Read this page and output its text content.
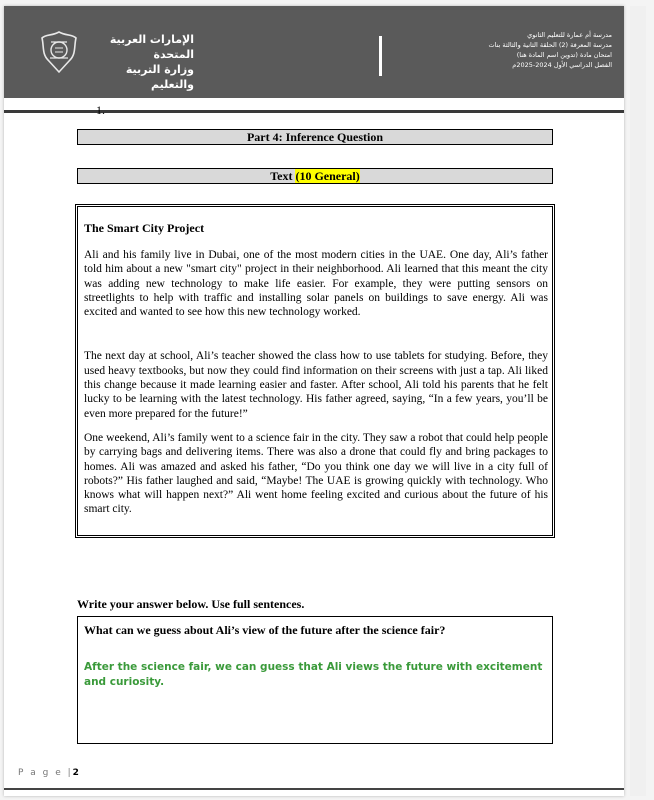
الإمارات العربية المتحدة
وزارة التربية والتعليم
مدرسة أم عمارة للتعليم الثانوي
مدرسة المعرفة (2) الحلقة الثانية والثالثة بنات
امتحان مادة (تدوين اسم المادة هنا)
الفصل الدراسي الأول 2024-2025م
1.
Part 4: Inference Question
Text (10 General)

The Smart City Project

Ali and his family live in Dubai, one of the most modern cities in the UAE. One day, Ali’s father told him about a new "smart city" project in their neighborhood. Ali learned that this meant the city was adding new technology to make life easier. For example, they were putting sensors on streetlights to help with traffic and installing solar panels on buildings to save energy. Ali was excited and wanted to see how this new technology worked.

The next day at school, Ali’s teacher showed the class how to use tablets for studying. Before, they used heavy textbooks, but now they could find information on their screens with just a tap. Ali liked this change because it made learning easier and faster. After school, Ali told his parents that he felt lucky to be learning with the latest technology. His father agreed, saying, “In a few years, you’ll be even more prepared for the future!”

One weekend, Ali’s family went to a science fair in the city. They saw a robot that could help people by carrying bags and delivering items. There was also a drone that could fly and bring packages to homes. Ali was amazed and asked his father, “Do you think one day we will live in a city full of robots?” His father laughed and said, “Maybe! The UAE is growing quickly with technology. Who knows what will happen next?” Ali went home feeling excited and curious about the future of his smart city.

Write your answer below. Use full sentences.

What can we guess about Ali’s view of the future after the science fair?

After the science fair, we can guess that Ali views the future with excitement and curiosity.

P a g e |2
